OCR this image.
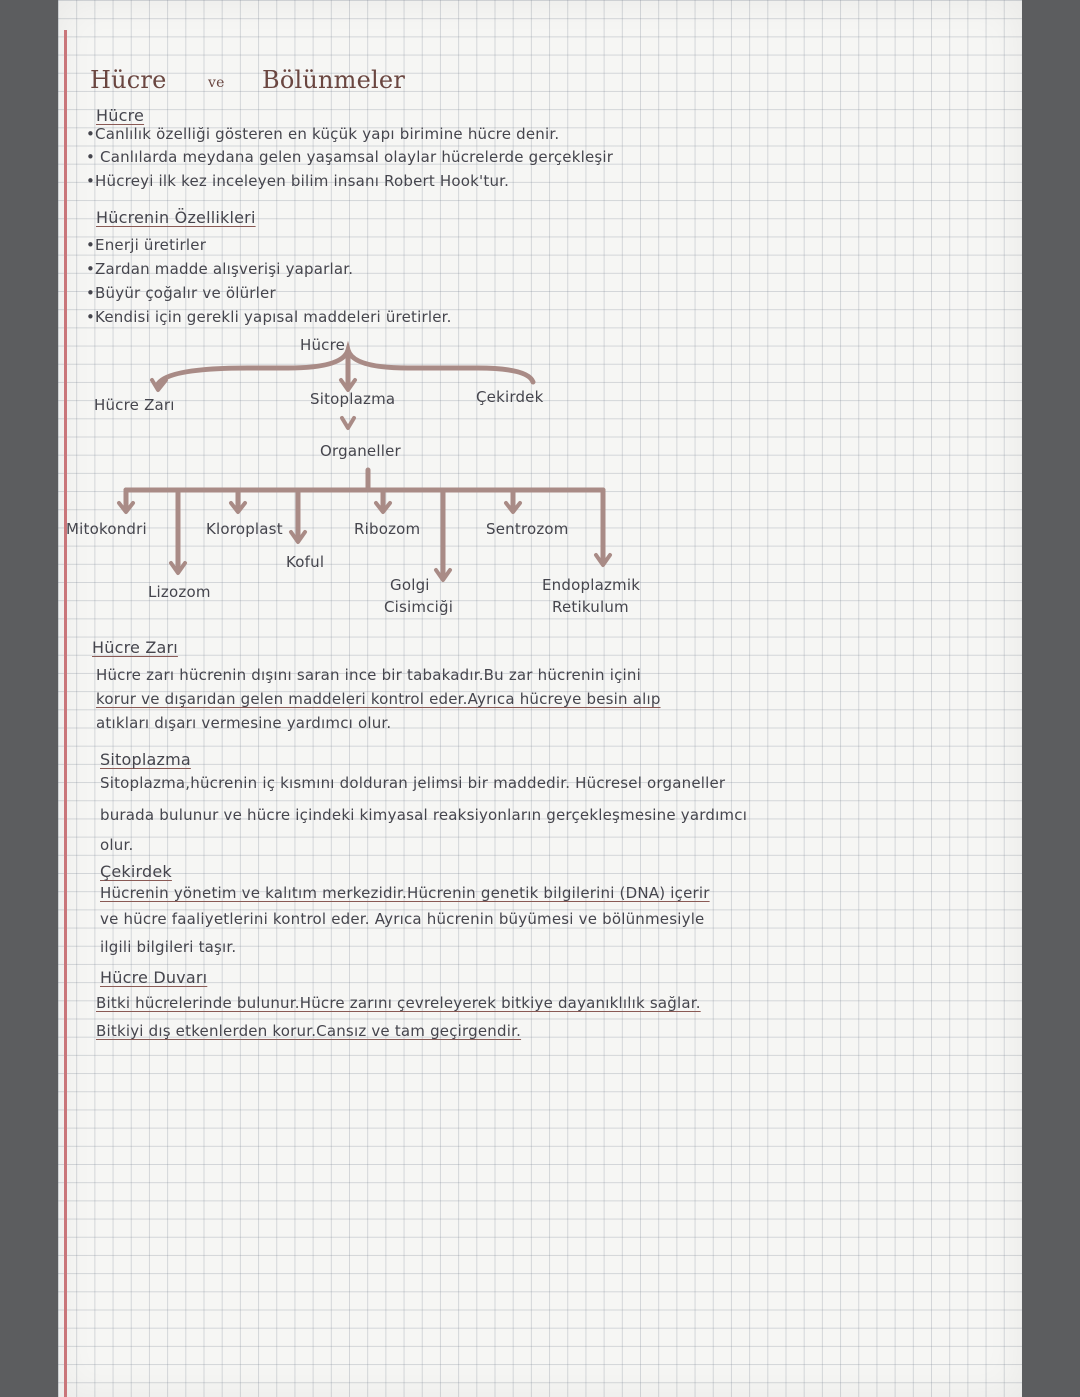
Hücre	ve Bölünmeler
Hücre
•Canlılık özelliği gösteren en küçük yapı birimine hücre denir.
• Canlılarda meydana gelen yaşamsal olaylar hücrelerde gerçekleşir
•Hücreyi ilk kez inceleyen bilim insanı Robert Hook'tur.
Hücrenin Özellikleri
•Enerji üretirler
•Zardan madde alışverişi yaparlar.
•Büyür çoğalır ve ölürler
•Kendisi için gerekli yapısal maddeleri üretirler.
Hücre
Hücre Zarı	Sitoplazma	Çekirdek
Organeller
Mitokondri	Kloroplast
Koful
Lizozom
Ribozom	Sentrozom
Golgi
Cisimciği
Endoplazmik
Retikulum
Hücre Zarı
Hücre zarı hücrenin dışını saran ince bir tabakadır.Bu zar hücrenin içini
korur ve dışarıdan gelen maddeleri kontrol eder.Ayrıca hücreye besin alıp
atıkları dışarı vermesine yardımcı olur.
Sitoplazma
Sitoplazma,hücrenin iç kısmını dolduran jelimsi bir maddedir. Hücresel organeller
burada bulunur ve hücre içindeki kimyasal reaksiyonların gerçekleşmesine yardımcı
olur.
Çekirdek
Hücrenin yönetim ve kalıtım merkezidir.Hücrenin genetik bilgilerini (DNA) içerir
ve hücre faaliyetlerini kontrol eder. Ayrıca hücrenin büyümesi ve bölünmesiyle
ilgili bilgileri taşır.
Hücre Duvarı
Bitki hücrelerinde bulunur.Hücre zarını çevreleyerek bitkiye dayanıklılık sağlar.
Bitkiyi dış etkenlerden korur.Cansız ve tam geçirgendir.
